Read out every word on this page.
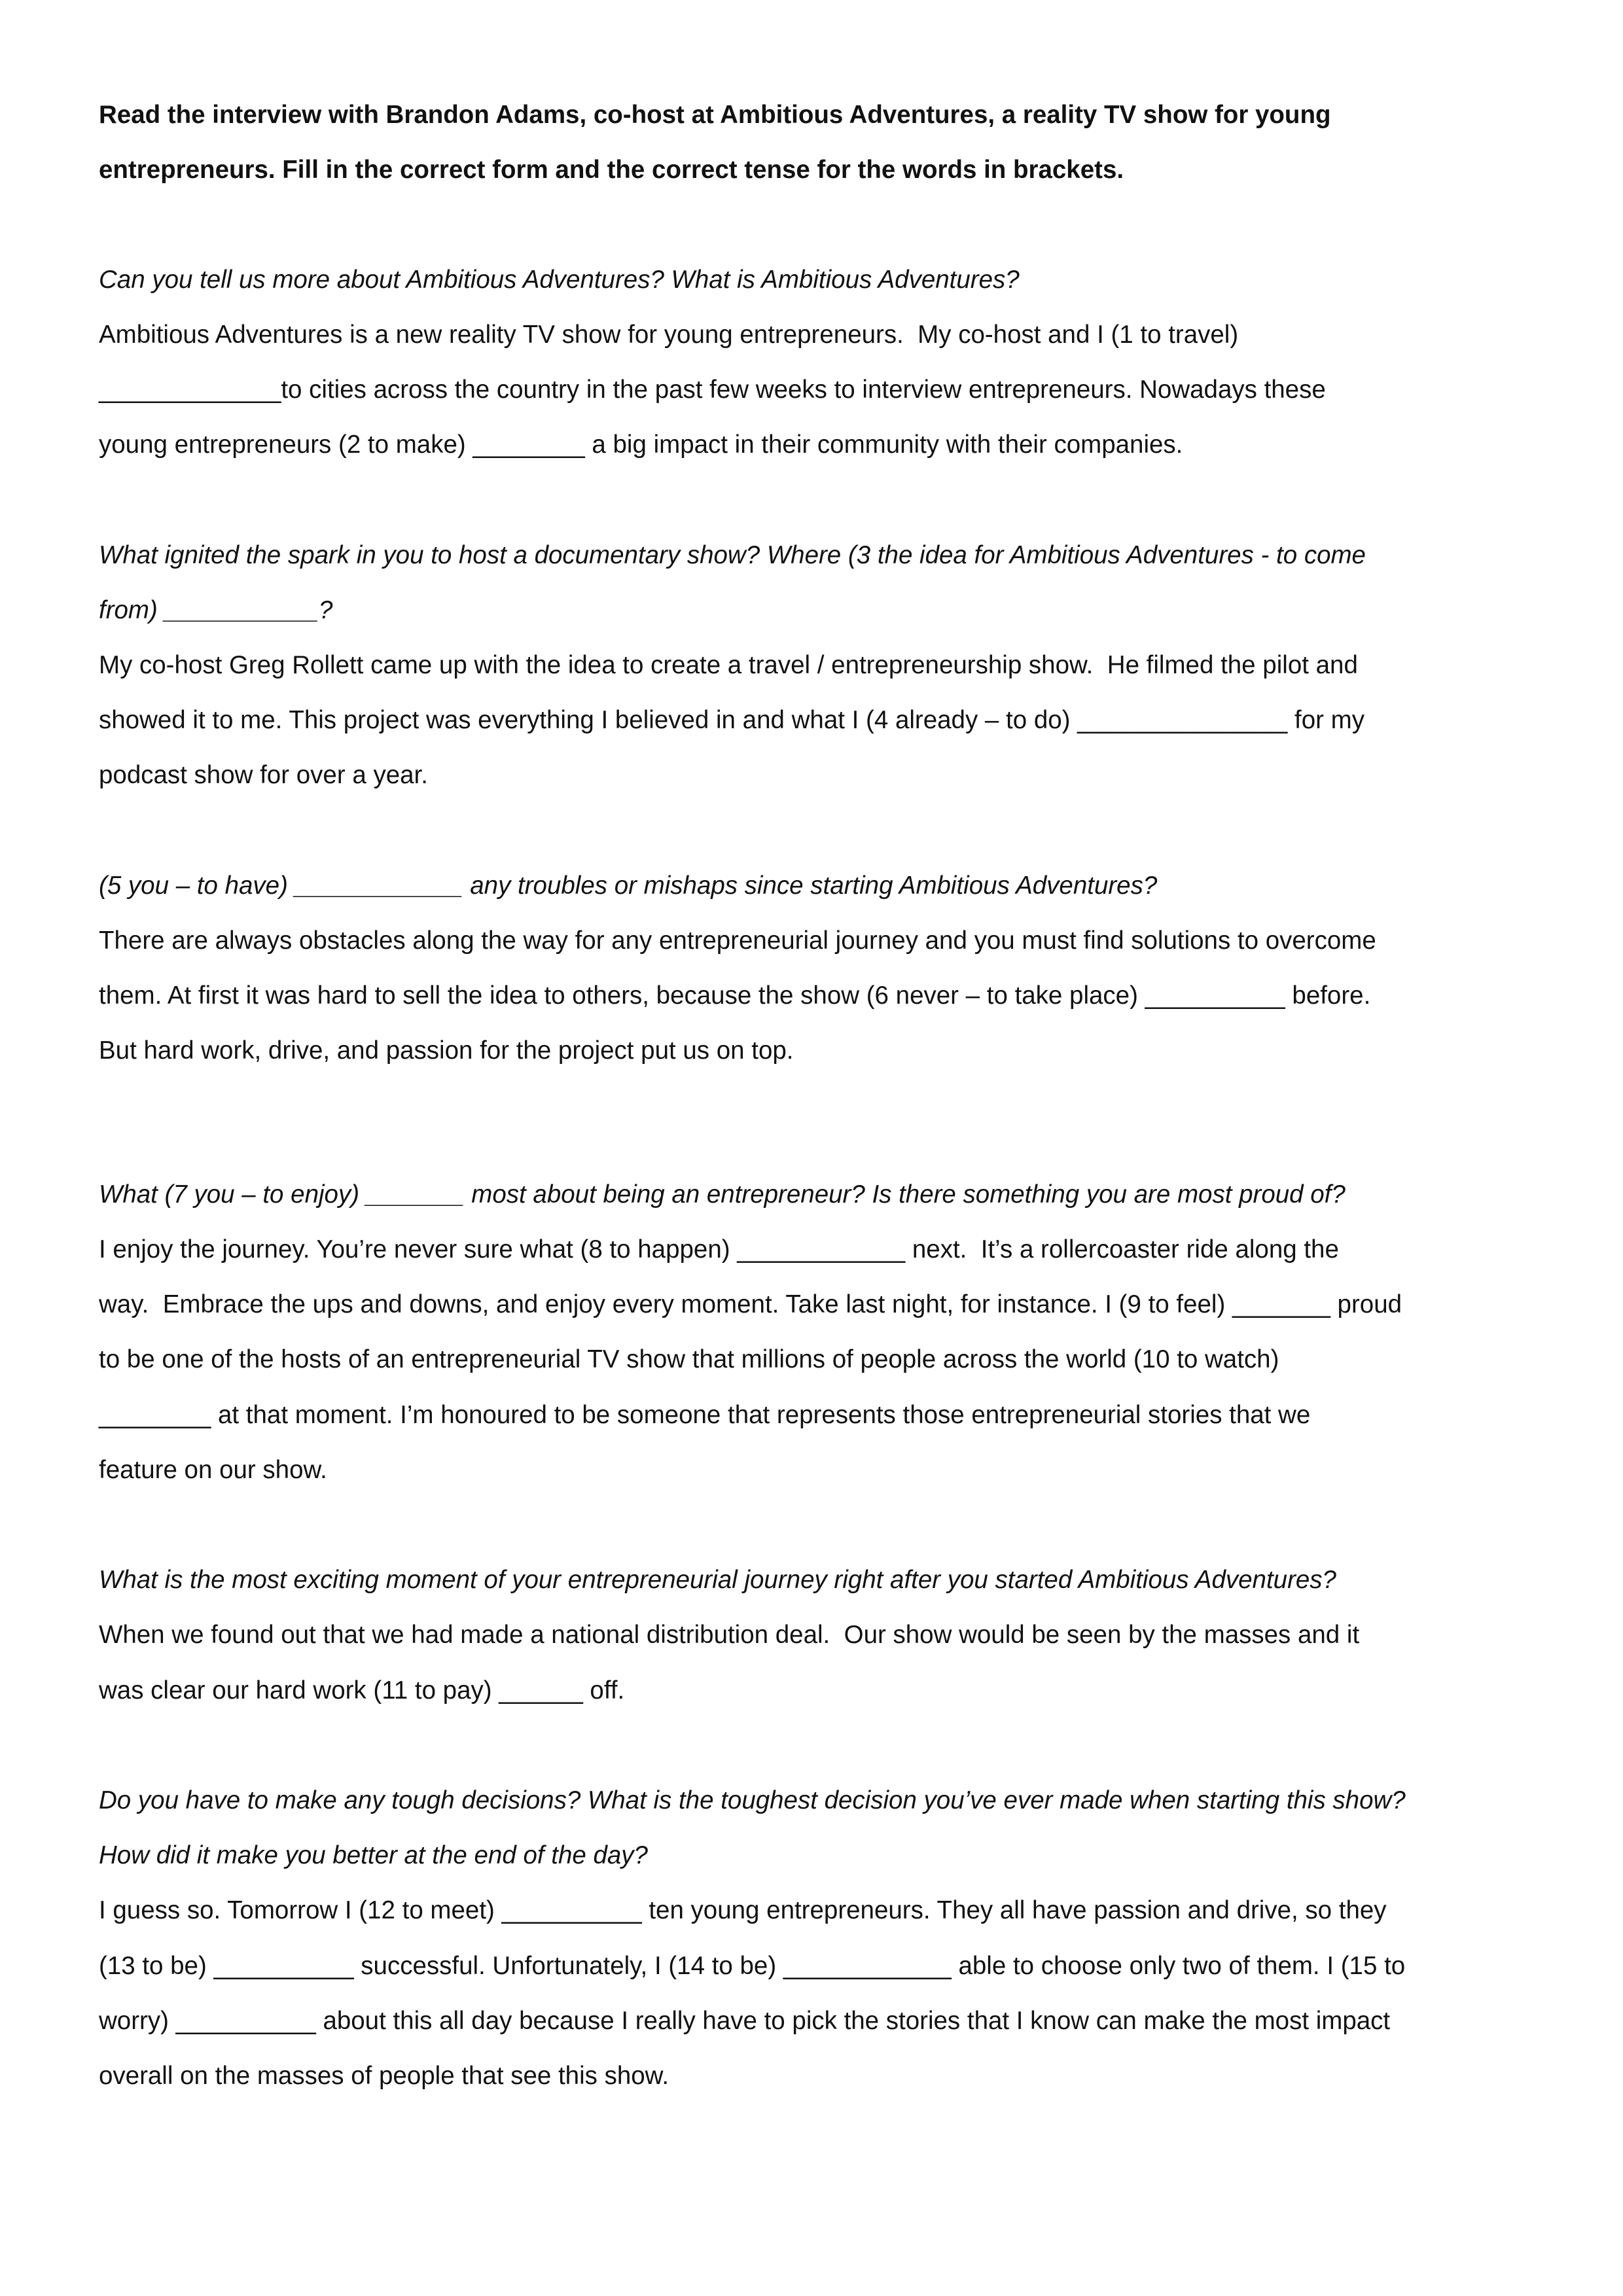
Read the interview with Brandon Adams, co-host at Ambitious Adventures, a reality TV show for young

entrepreneurs. Fill in the correct form and the correct tense for the words in brackets.

Can you tell us more about Ambitious Adventures? What is Ambitious Adventures?

Ambitious Adventures is a new reality TV show for young entrepreneurs.  My co-host and I (1 to travel)

_____________to cities across the country in the past few weeks to interview entrepreneurs. Nowadays these

young entrepreneurs (2 to make) ________ a big impact in their community with their companies.

What ignited the spark in you to host a documentary show? Where (3 the idea for Ambitious Adventures - to come

from) ___________?

My co-host Greg Rollett came up with the idea to create a travel / entrepreneurship show.  He filmed the pilot and

showed it to me. This project was everything I believed in and what I (4 already – to do) _______________ for my

podcast show for over a year.

(5 you – to have) ____________ any troubles or mishaps since starting Ambitious Adventures?

There are always obstacles along the way for any entrepreneurial journey and you must find solutions to overcome

them. At first it was hard to sell the idea to others, because the show (6 never – to take place) __________ before.

But hard work, drive, and passion for the project put us on top.

What (7 you – to enjoy) _______ most about being an entrepreneur? Is there something you are most proud of?

I enjoy the journey. You’re never sure what (8 to happen) ____________ next.  It’s a rollercoaster ride along the

way.  Embrace the ups and downs, and enjoy every moment. Take last night, for instance. I (9 to feel) _______ proud

to be one of the hosts of an entrepreneurial TV show that millions of people across the world (10 to watch)

________ at that moment. I’m honoured to be someone that represents those entrepreneurial stories that we

feature on our show.

What is the most exciting moment of your entrepreneurial journey right after you started Ambitious Adventures?

When we found out that we had made a national distribution deal.  Our show would be seen by the masses and it

was clear our hard work (11 to pay) ______ off.

Do you have to make any tough decisions? What is the toughest decision you’ve ever made when starting this show?

How did it make you better at the end of the day?

I guess so. Tomorrow I (12 to meet) __________ ten young entrepreneurs. They all have passion and drive, so they

(13 to be) __________ successful. Unfortunately, I (14 to be) ____________ able to choose only two of them. I (15 to

worry) __________ about this all day because I really have to pick the stories that I know can make the most impact

overall on the masses of people that see this show.
